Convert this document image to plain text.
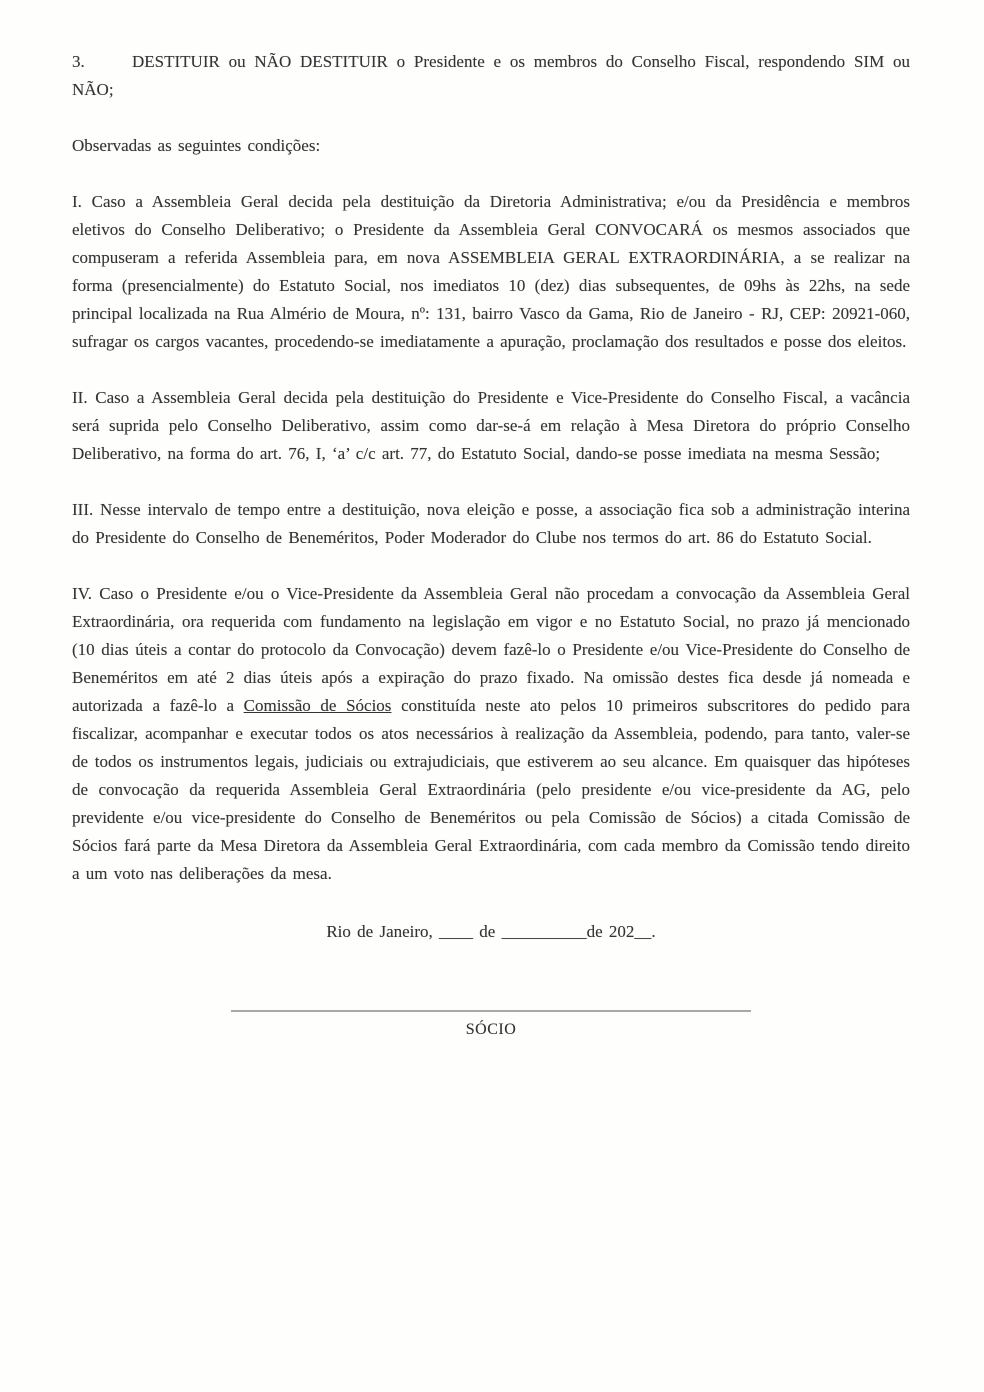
3.	DESTITUIR ou NÃO DESTITUIR o Presidente e os membros do Conselho Fiscal, respondendo SIM ou NÃO;

Observadas as seguintes condições:

I. Caso a Assembleia Geral decida pela destituição da Diretoria Administrativa; e/ou da Presidência e membros eletivos do Conselho Deliberativo; o Presidente da Assembleia Geral CONVOCARÁ os mesmos associados que compuseram a referida Assembleia para, em nova ASSEMBLEIA GERAL EXTRAORDINÁRIA, a se realizar na forma (presencialmente) do Estatuto Social, nos imediatos 10 (dez) dias subsequentes, de 09hs às 22hs, na sede principal localizada na Rua Almério de Moura, nº: 131, bairro Vasco da Gama, Rio de Janeiro - RJ, CEP: 20921-060, sufragar os cargos vacantes, procedendo-se imediatamente a apuração, proclamação dos resultados e posse dos eleitos.

II. Caso a Assembleia Geral decida pela destituição do Presidente e Vice-Presidente do Conselho Fiscal, a vacância será suprida pelo Conselho Deliberativo, assim como dar-se-á em relação à Mesa Diretora do próprio Conselho Deliberativo, na forma do art. 76, I, ‘a’ c/c art. 77, do Estatuto Social, dando-se posse imediata na mesma Sessão;

III. Nesse intervalo de tempo entre a destituição, nova eleição e posse, a associação fica sob a administração interina do Presidente do Conselho de Beneméritos, Poder Moderador do Clube nos termos do art. 86 do Estatuto Social.

IV. Caso o Presidente e/ou o Vice-Presidente da Assembleia Geral não procedam a convocação da Assembleia Geral Extraordinária, ora requerida com fundamento na legislação em vigor e no Estatuto Social, no prazo já mencionado (10 dias úteis a contar do protocolo da Convocação) devem fazê-lo o Presidente e/ou Vice-Presidente do Conselho de Beneméritos em até 2 dias úteis após a expiração do prazo fixado. Na omissão destes fica desde já nomeada e autorizada a fazê-lo a Comissão de Sócios constituída neste ato pelos 10 primeiros subscritores do pedido para fiscalizar, acompanhar e executar todos os atos necessários à realização da Assembleia, podendo, para tanto, valer-se de todos os instrumentos legais, judiciais ou extrajudiciais, que estiverem ao seu alcance. Em quaisquer das hipóteses de convocação da requerida Assembleia Geral Extraordinária (pelo presidente e/ou vice-presidente da AG, pelo previdente e/ou vice-presidente do Conselho de Beneméritos ou pela Comissão de Sócios) a citada Comissão de Sócios fará parte da Mesa Diretora da Assembleia Geral Extraordinária, com cada membro da Comissão tendo direito a um voto nas deliberações da mesa.

Rio de Janeiro, ____ de __________de 202__.

SÓCIO
